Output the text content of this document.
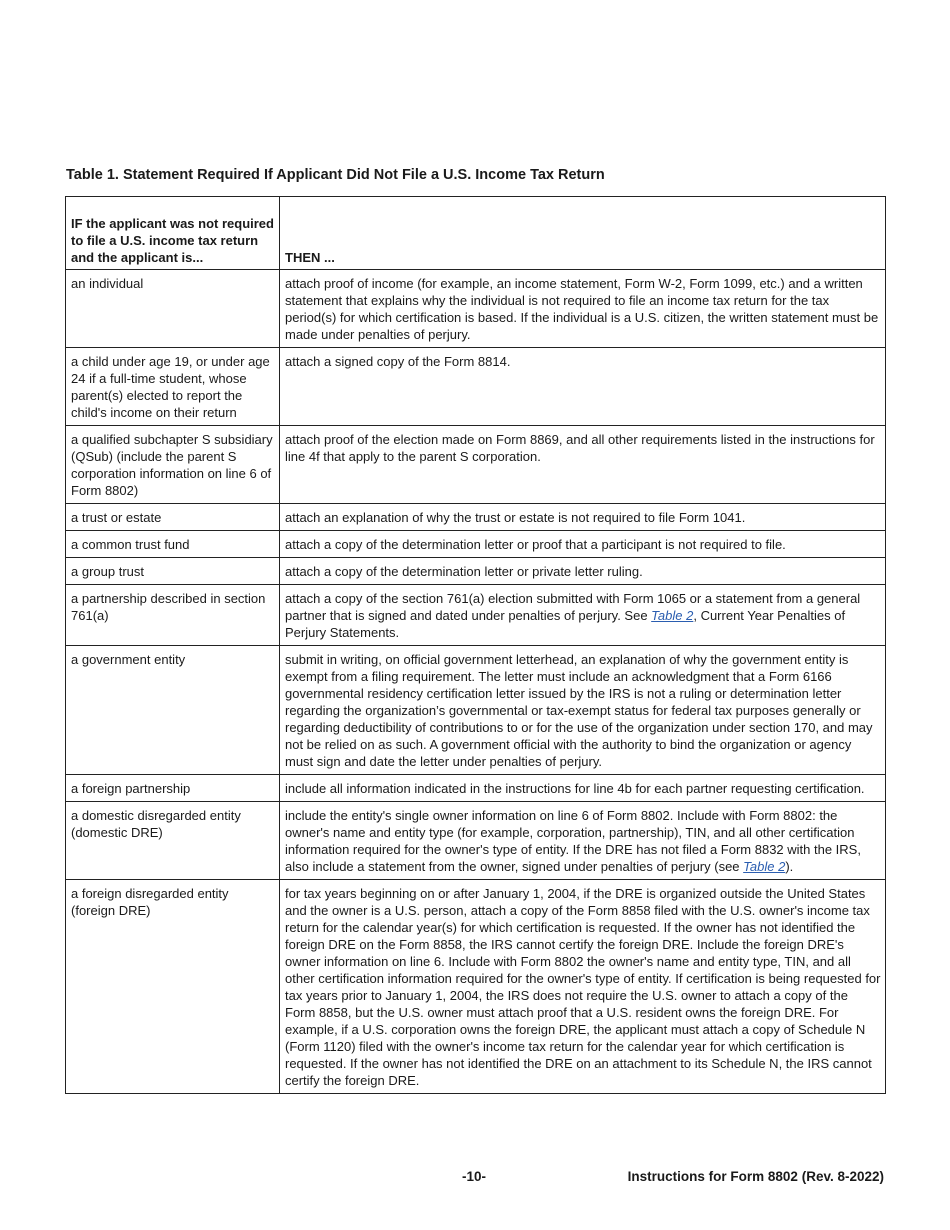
Table 1. Statement Required If Applicant Did Not File a U.S. Income Tax Return
IF the applicant was not required to file a U.S. income tax return and the applicant is...	THEN ...
an individual	attach proof of income (for example, an income statement, Form W-2, Form 1099, etc.) and a written statement that explains why the individual is not required to file an income tax return for the tax period(s) for which certification is based. If the individual is a U.S. citizen, the written statement must be made under penalties of perjury.
a child under age 19, or under age 24 if a full-time student, whose parent(s) elected to report the child's income on their return	attach a signed copy of the Form 8814.
a qualified subchapter S subsidiary (QSub) (include the parent S corporation information on line 6 of Form 8802)	attach proof of the election made on Form 8869, and all other requirements listed in the instructions for line 4f that apply to the parent S corporation.
a trust or estate	attach an explanation of why the trust or estate is not required to file Form 1041.
a common trust fund	attach a copy of the determination letter or proof that a participant is not required to file.
a group trust	attach a copy of the determination letter or private letter ruling.
a partnership described in section 761(a)	attach a copy of the section 761(a) election submitted with Form 1065 or a statement from a general partner that is signed and dated under penalties of perjury. See Table 2, Current Year Penalties of Perjury Statements.
a government entity	submit in writing, on official government letterhead, an explanation of why the government entity is exempt from a filing requirement. The letter must include an acknowledgment that a Form 6166 governmental residency certification letter issued by the IRS is not a ruling or determination letter regarding the organization’s governmental or tax-exempt status for federal tax purposes generally or regarding deductibility of contributions to or for the use of the organization under section 170, and may not be relied on as such. A government official with the authority to bind the organization or agency must sign and date the letter under penalties of perjury.
a foreign partnership	include all information indicated in the instructions for line 4b for each partner requesting certification.
a domestic disregarded entity (domestic DRE)	include the entity's single owner information on line 6 of Form 8802. Include with Form 8802: the owner's name and entity type (for example, corporation, partnership), TIN, and all other certification information required for the owner's type of entity. If the DRE has not filed a Form 8832 with the IRS, also include a statement from the owner, signed under penalties of perjury (see Table 2).
a foreign disregarded entity (foreign DRE)	for tax years beginning on or after January 1, 2004, if the DRE is organized outside the United States and the owner is a U.S. person, attach a copy of the Form 8858 filed with the U.S. owner's income tax return for the calendar year(s) for which certification is requested. If the owner has not identified the foreign DRE on the Form 8858, the IRS cannot certify the foreign DRE. Include the foreign DRE's owner information on line 6. Include with Form 8802 the owner's name and entity type, TIN, and all other certification information required for the owner's type of entity. If certification is being requested for tax years prior to January 1, 2004, the IRS does not require the U.S. owner to attach a copy of the Form 8858, but the U.S. owner must attach proof that a U.S. resident owns the foreign DRE. For example, if a U.S. corporation owns the foreign DRE, the applicant must attach a copy of Schedule N (Form 1120) filed with the owner's income tax return for the calendar year for which certification is requested. If the owner has not identified the DRE on an attachment to its Schedule N, the IRS cannot certify the foreign DRE.
-10-	Instructions for Form 8802 (Rev. 8-2022)
